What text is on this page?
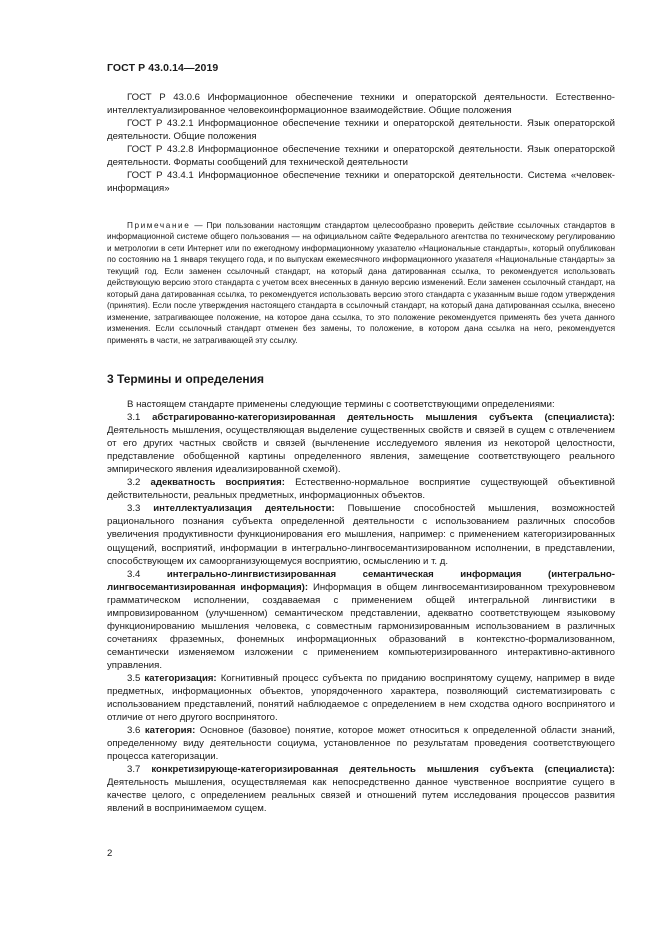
ГОСТ Р 43.0.14—2019

ГОСТ Р 43.0.6 Информационное обеспечение техники и операторской деятельности. Естественно-интеллектуализированное человекоинформационное взаимодействие. Общие положения

ГОСТ Р 43.2.1 Информационное обеспечение техники и операторской деятельности. Язык операторской деятельности. Общие положения

ГОСТ Р 43.2.8 Информационное обеспечение техники и операторской деятельности. Язык операторской деятельности. Форматы сообщений для технической деятельности

ГОСТ Р 43.4.1 Информационное обеспечение техники и операторской деятельности. Система «человек-информация»

Примечание — При пользовании настоящим стандартом целесообразно проверить действие ссылочных стандартов в информационной системе общего пользования — на официальном сайте Федерального агентства по техническому регулированию и метрологии в сети Интернет или по ежегодному информационному указателю «Национальные стандарты», который опубликован по состоянию на 1 января текущего года, и по выпускам ежемесячного информационного указателя «Национальные стандарты» за текущий год. Если заменен ссылочный стандарт, на который дана датированная ссылка, то рекомендуется использовать действующую версию этого стандарта с учетом всех внесенных в данную версию изменений. Если заменен ссылочный стандарт, на который дана датированная ссылка, то рекомендуется использовать версию этого стандарта с указанным выше годом утверждения (принятия). Если после утверждения настоящего стандарта в ссылочный стандарт, на который дана датированная ссылка, внесено изменение, затрагивающее положение, на которое дана ссылка, то это положение рекомендуется применять без учета данного изменения. Если ссылочный стандарт отменен без замены, то положение, в котором дана ссылка на него, рекомендуется применять в части, не затрагивающей эту ссылку.

3 Термины и определения

В настоящем стандарте применены следующие термины с соответствующими определениями:

3.1 абстрагированно-категоризированная деятельность мышления субъекта (специалиста): Деятельность мышления, осуществляющая выделение существенных свойств и связей в сущем с отвлечением от его других частных свойств и связей (вычленение исследуемого явления из некоторой целостности, представление обобщенной картины определенного явления, замещение соответствующего реального эмпирического явления идеализированной схемой).

3.2 адекватность восприятия: Естественно-нормальное восприятие существующей объективной действительности, реальных предметных, информационных объектов.

3.3 интеллектуализация деятельности: Повышение способностей мышления, возможностей рационального познания субъекта определенной деятельности с использованием различных способов увеличения продуктивности функционирования его мышления, например: с применением категоризированных ощущений, восприятий, информации в интегрально-лингвосемантизированном исполнении, в представлении, способствующем их самоорганизующемуся восприятию, осмыслению и т. д.

3.4	интегрально-лингвистизированная семантическая информация (интегрально-лингвосемантизированная информация): Информация в общем лингвосемантизированном трехуровневом грамматическом исполнении, создаваемая с применением общей интегральной лингвистики в импровизированном (улучшенном) семантическом представлении, адекватно соответствующем языковому функционированию мышления человека, с совместным гармонизированным использованием в различных сочетаниях фраземных, фонемных информационных образований в контекстно-формализованном, семантически изменяемом изложении с применением компьютеризированного интерактивно-активного управления.

3.5 категоризация: Когнитивный процесс субъекта по приданию воспринятому сущему, например в виде предметных, информационных объектов, упорядоченного характера, позволяющий систематизировать с использованием представлений, понятий наблюдаемое с определением в нем сходства одного воспринятого и отличие от него другого воспринятого.

3.6 категория: Основное (базовое) понятие, которое может относиться к определенной области знаний, определенному виду деятельности социума, установленное по результатам проведения соответствующего процесса категоризации.

3.7 конкретизирующе-категоризированная деятельность мышления субъекта (специалиста): Деятельность мышления, осуществляемая как непосредственно данное чувственное восприятие сущего в качестве целого, с определением реальных связей и отношений путем исследования процессов развития явлений в воспринимаемом сущем.

2
